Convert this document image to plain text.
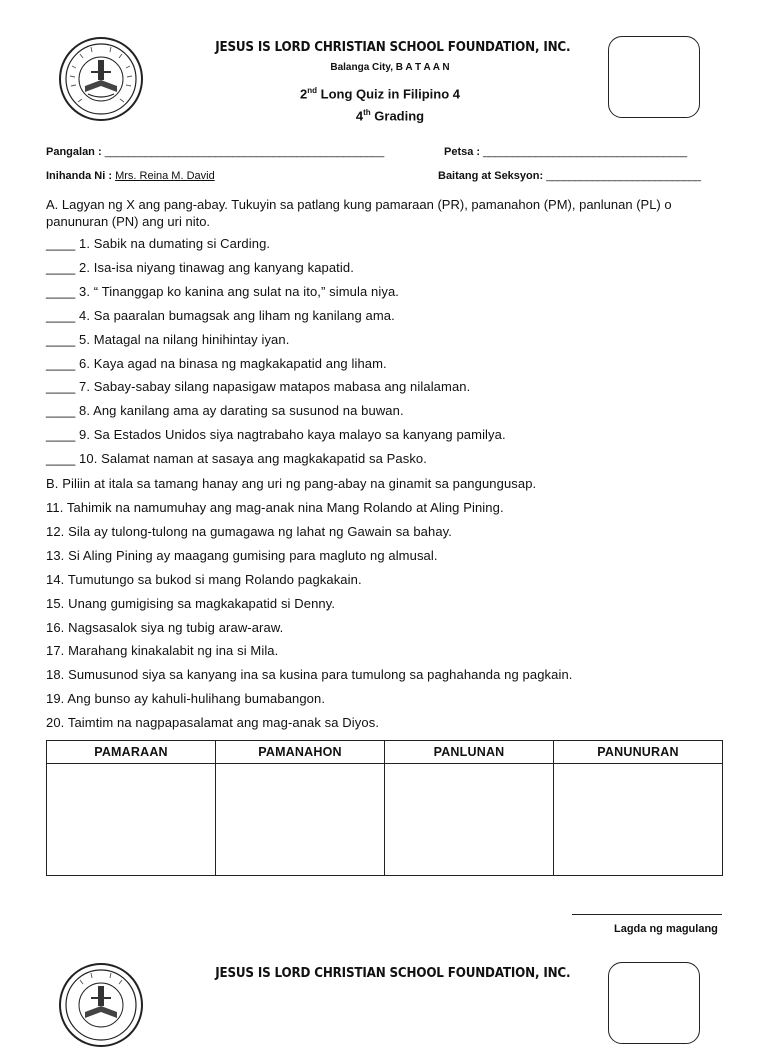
JESUS IS LORD CHRISTIAN SCHOOL FOUNDATION, INC.
Balanga City, B A T A A N
2nd Long Quiz in Filipino 4
4th Grading
Pangalan : ________________________________________________	Petsa : ___________________________________
Inihanda Ni : Mrs. Reina M. David	Baitang at Seksyon: ___________________________
A. Lagyan ng X ang pang-abay. Tukuyin sa patlang kung pamaraan (PR), pamanahon (PM), panlunan (PL) o panunuran (PN) ang uri nito.
____ 1. Sabik na dumating si Carding.
____ 2. Isa-isa niyang tinawag ang kanyang kapatid.
____ 3. “ Tinanggap ko kanina ang sulat na ito,” simula niya.
____ 4. Sa paaralan bumagsak ang liham ng kanilang ama.
____ 5. Matagal na nilang hinihintay iyan.
____ 6. Kaya agad na binasa ng magkakapatid ang liham.
____ 7. Sabay-sabay silang napasigaw matapos mabasa ang nilalaman.
____ 8. Ang kanilang ama ay darating sa susunod na buwan.
____ 9. Sa Estados Unidos siya nagtrabaho kaya malayo sa kanyang pamilya.
____ 10. Salamat naman at sasaya ang magkakapatid sa Pasko.
B. Piliin at itala sa tamang hanay ang uri ng pang-abay na ginamit sa pangungusap.
11. Tahimik na namumuhay ang mag-anak nina Mang Rolando at Aling Pining.
12. Sila ay tulong-tulong na gumagawa ng lahat ng Gawain sa bahay.
13. Si Aling Pining ay maagang gumising para magluto ng almusal.
14. Tumutungo sa bukod si mang Rolando pagkakain.
15. Unang gumigising sa magkakapatid si Denny.
16. Nagsasalok siya ng tubig araw-araw.
17. Marahang kinakalabit ng ina si Mila.
18. Sumusunod siya sa kanyang ina sa kusina para tumulong sa paghahanda ng pagkain.
19. Ang bunso ay kahuli-hulihang bumabangon.
20. Taimtim na nagpapasalamat ang mag-anak sa Diyos.
PAMARAAN	PAMANAHON	PANLUNAN	PANUNURAN

Lagda ng magulang
JESUS IS LORD CHRISTIAN SCHOOL FOUNDATION, INC.
